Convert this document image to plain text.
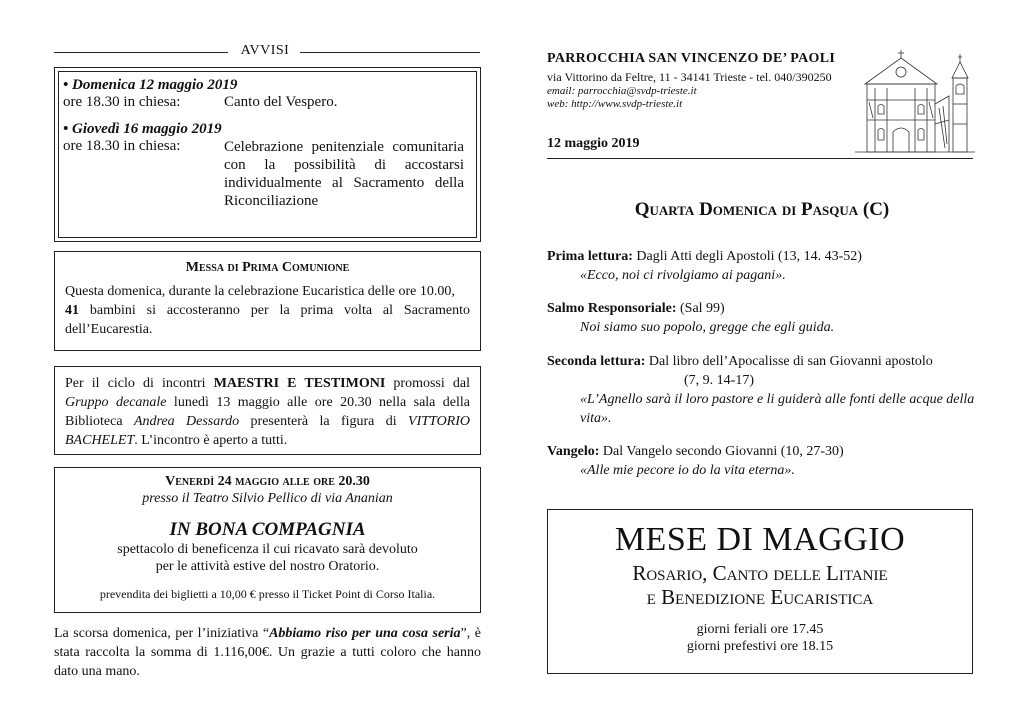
AVVISI
• Domenica 12 maggio 2019
ore 18.30 in chiesa:	Canto del Vespero.
• Giovedì 16 maggio 2019
ore 18.30 in chiesa:	Celebrazione penitenziale comunitaria con la possibilità di accostarsi individualmente al Sacramento della Riconciliazione
Messa di Prima Comunione
Questa domenica, durante la celebrazione Eucaristica delle ore 10.00,
41 bambini si accosteranno per la prima volta al Sacramento dell’Eucarestia.
Per il ciclo di incontri MAESTRI E TESTIMONI promossi dal Gruppo decanale lunedì 13 maggio alle ore 20.30 nella sala della Biblioteca Andrea Dessardo presenterà la figura di VITTORIO BACHELET. L’incontro è aperto a tutti.
Venerdì 24 maggio alle ore 20.30
presso il Teatro Silvio Pellico di via Ananian
IN BONA COMPAGNIA
spettacolo di beneficenza il cui ricavato sarà devoluto
per le attività estive del nostro Oratorio.
prevendita dei biglietti a 10,00 € presso il Ticket Point di Corso Italia.
La scorsa domenica, per l’iniziativa “Abbiamo riso per una cosa seria”, è stata raccolta la somma di 1.116,00€. Un grazie a tutti coloro che hanno dato una mano.
PARROCCHIA SAN VINCENZO DE’ PAOLI
via Vittorino da Feltre, 11 - 34141 Trieste - tel. 040/390250
email: parrocchia@svdp-trieste.it
web: http://www.svdp-trieste.it
12 maggio 2019
Quarta Domenica di Pasqua (C)
Prima lettura: Dagli Atti degli Apostoli (13, 14. 43-52)
«Ecco, noi ci rivolgiamo ai pagani».
Salmo Responsoriale: (Sal 99)
Noi siamo suo popolo, gregge che egli guida.
Seconda lettura: Dal libro dell’Apocalisse di san Giovanni apostolo
(7, 9. 14-17)
«L’Agnello sarà il loro pastore e li guiderà alle fonti delle acque della vita».
Vangelo: Dal Vangelo secondo Giovanni (10, 27-30)
«Alle mie pecore io do la vita eterna».
MESE DI MAGGIO
Rosario, Canto delle Litanie
e Benedizione Eucaristica
giorni feriali ore 17.45
giorni prefestivi ore 18.15
